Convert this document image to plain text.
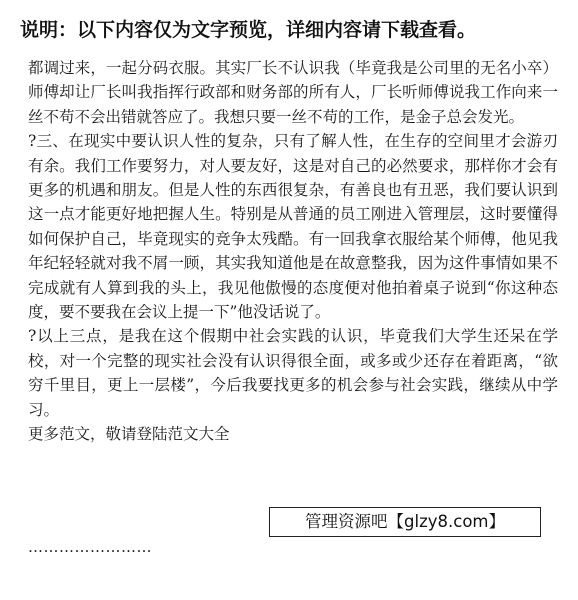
说明：以下内容仅为文字预览，详细内容请下载查看。

都调过来，一起分码衣服。其实厂长不认识我（毕竟我是公司里的无名小卒）师傅却让厂长叫我指挥行政部和财务部的所有人，厂长听师傅说我工作向来一丝不苟不会出错就答应了。我想只要一丝不苟的工作，是金子总会发光。

?三、在现实中要认识人性的复杂，只有了解人性，在生存的空间里才会游刃有余。我们工作要努力，对人要友好，这是对自己的必然要求，那样你才会有更多的机遇和朋友。但是人性的东西很复杂，有善良也有丑恶，我们要认识到这一点才能更好地把握人生。特别是从普通的员工刚进入管理层，这时要懂得如何保护自己，毕竟现实的竞争太残酷。有一回我拿衣服给某个师傅，他见我年纪轻轻就对我不屑一顾，其实我知道他是在故意整我，因为这件事情如果不完成就有人算到我的头上，我见他傲慢的态度便对他拍着桌子说到“你这种态度，要不要我在会议上提一下”他没话说了。

?以上三点，是我在这个假期中社会实践的认识，毕竟我们大学生还呆在学校，对一个完整的现实社会没有认识得很全面，或多或少还存在着距离，“欲穷千里目，更上一层楼”，今后我要找更多的机会参与社会实践，继续从中学习。

更多范文，敬请登陆范文大全

管理资源吧【glzy8.com】
……………………
